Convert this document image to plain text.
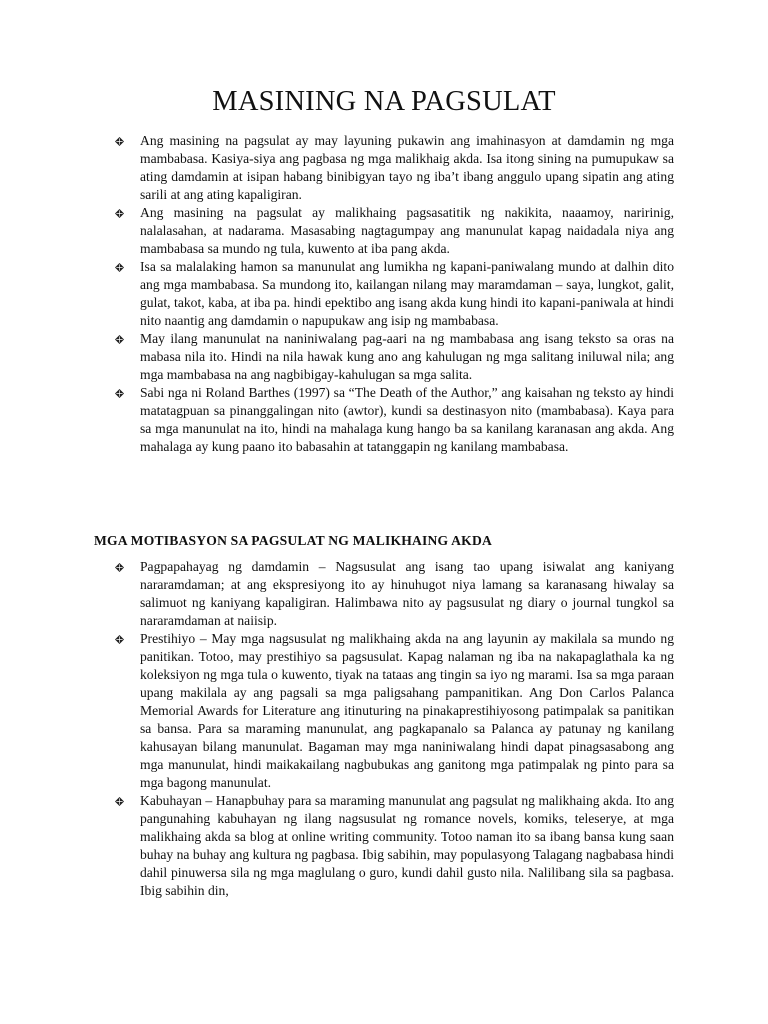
MASINING NA PAGSULAT
Ang masining na pagsulat ay may layuning pukawin ang imahinasyon at damdamin ng mga mambabasa. Kasiya-siya ang pagbasa ng mga malikhaig akda. Isa itong sining na pumupukaw sa ating damdamin at isipan habang binibigyan tayo ng iba’t ibang anggulo upang sipatin ang ating sarili at ang ating kapaligiran.
Ang masining na pagsulat ay malikhaing pagsasatitik ng nakikita, naaamoy, naririnig, nalalasahan, at nadarama. Masasabing nagtagumpay ang manunulat kapag naidadala niya ang mambabasa sa mundo ng tula, kuwento at iba pang akda.
Isa sa malalaking hamon sa manunulat ang lumikha ng kapani-paniwalang mundo at dalhin dito ang mga mambabasa. Sa mundong ito, kailangan nilang may maramdaman – saya, lungkot, galit, gulat, takot, kaba, at iba pa. hindi epektibo ang isang akda kung hindi ito kapani-paniwala at hindi nito naantig ang damdamin o napupukaw ang isip ng mambabasa.
May ilang manunulat na naniniwalang pag-aari na ng mambabasa ang isang teksto sa oras na mabasa nila ito. Hindi na nila hawak kung ano ang kahulugan ng mga salitang iniluwal nila; ang mga mambabasa na ang nagbibigay-kahulugan sa mga salita.
Sabi nga ni Roland Barthes (1997) sa “The Death of the Author,” ang kaisahan ng teksto ay hindi matatagpuan sa pinanggalingan nito (awtor), kundi sa destinasyon nito (mambabasa). Kaya para sa mga manunulat na ito, hindi na mahalaga kung hango ba sa kanilang karanasan ang akda. Ang mahalaga ay kung paano ito babasahin at tatanggapin ng kanilang mambabasa.
MGA MOTIBASYON SA PAGSULAT NG MALIKHAING AKDA
Pagpapahayag ng damdamin – Nagsusulat ang isang tao upang isiwalat ang kaniyang nararamdaman; at ang ekspresiyong ito ay hinuhugot niya lamang sa karanasang hiwalay sa salimuot ng kaniyang kapaligiran. Halimbawa nito ay pagsusulat ng diary o journal tungkol sa nararamdaman at naiisip.
Prestihiyo – May mga nagsusulat ng malikhaing akda na ang layunin ay makilala sa mundo ng panitikan. Totoo, may prestihiyo sa pagsusulat. Kapag nalaman ng iba na nakapaglathala ka ng koleksiyon ng mga tula o kuwento, tiyak na tataas ang tingin sa iyo ng marami. Isa sa mga paraan upang makilala ay ang pagsali sa mga paligsahang pampanitikan. Ang Don Carlos Palanca Memorial Awards for Literature ang itinuturing na pinakaprestihiyosong patimpalak sa panitikan sa bansa. Para sa maraming manunulat, ang pagkapanalo sa Palanca ay patunay ng kanilang kahusayan bilang manunulat. Bagaman may mga naniniwalang hindi dapat pinagsasabong ang mga manunulat, hindi maikakailang nagbubukas ang ganitong mga patimpalak ng pinto para sa mga bagong manunulat.
Kabuhayan – Hanapbuhay para sa maraming manunulat ang pagsulat ng malikhaing akda. Ito ang pangunahing kabuhayan ng ilang nagsusulat ng romance novels, komiks, teleserye, at mga malikhaing akda sa blog at online writing community. Totoo naman ito sa ibang bansa kung saan buhay na buhay ang kultura ng pagbasa. Ibig sabihin, may populasyong Talagang nagbabasa hindi dahil pinuwersa sila ng mga maglulang o guro, kundi dahil gusto nila. Nalilibang sila sa pagbasa. Ibig sabihin din,
